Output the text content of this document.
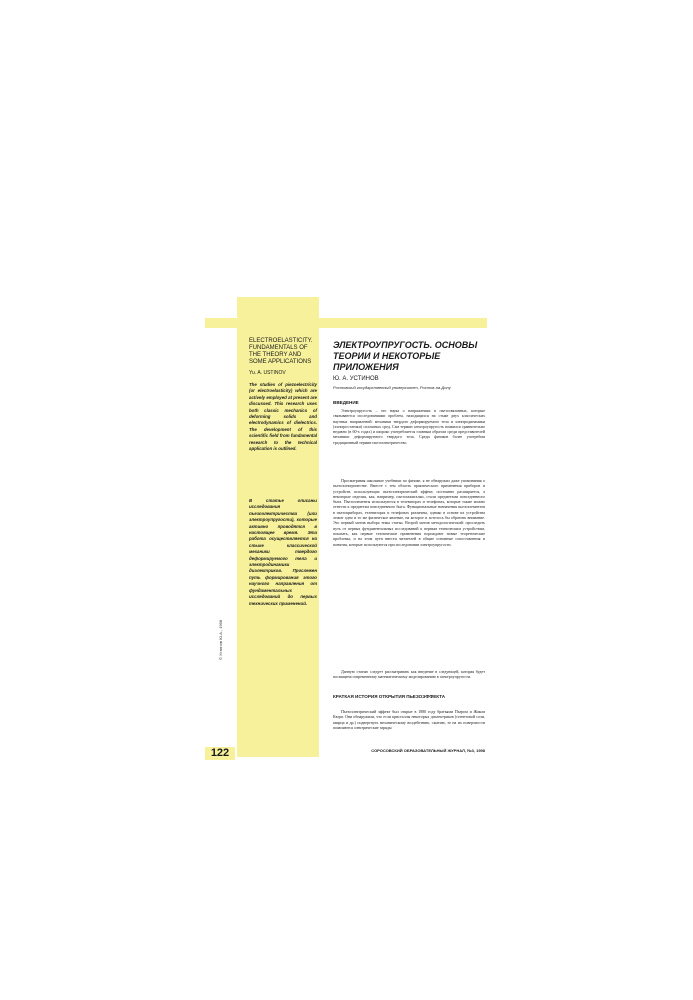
122
© Устинов Ю.А., 1998
ELECTROELASTICITY. FUNDAMENTALS OF THE THEORY AND SOME APPLICATIONS
Yu. A. USTINOV
The studies of piezoelectricity (or electroelasticity) which are actively employed at present are discussed. This research uses both classic mechanics of deforming solids and electrodynamics of dielectrics. The development of this scientific field from fundamental research to the technical application is outlined.
В статье описаны исследования пьезоэлектричества (или электроупругости), которые активно проводятся в настоящее время. Эта работа осуществляется на стыке классической механики твердого деформируемого тела и электродинамики диэлектриков. Прослежен путь формирования этого научного направления от фундаментальных исследований до первых технических применений.
ЭЛЕКТРОУПРУГОСТЬ. ОСНОВЫ ТЕОРИИ И НЕКОТОРЫЕ ПРИЛОЖЕНИЯ
Ю. А. УСТИНОВ
Ростовский государственный университет, Ростов-на-Дону
ВВЕДЕНИЕ
Электроупругость – это наука о напряжениях в пьезосвязанных, которые связываются исследованиями проблем, находящихся на стыке двух классических научных направлений: механики твердого деформируемого тела и электродинамики (электростатики) сплошных сред. Сам термин электроупругость появился сравнительно недавно (в 60-х годах) и широко употребляется главным образом среди представителей механики деформируемого твердого тела. Среди физиков более употребим традиционный термин пьезоэлектричество.
Просматривая школьные учебники по физике, я не обнаружил даже упоминания о пьезоэлектричестве. Вместе с тем область практического применения приборов и устройств, использующих пьезоэлектрический эффект, постоянно расширяется, а некоторые изделия, как, например, пьезозажигалки, стали предметами повседневного быта. Пьезоэлементы используются в телевизорах и телефонах, которые также можно отнести к предметам повседневного быта. Функциональные назначения пьезоэлементов в пьезоприборах, телевизорах и телефонах различны, однако в основе их устройства лежит одно и то же физическое явление, на которое и хотелось бы обратить внимание. Это первый мотив выбора темы статьи. Второй мотив методологический: проследить путь от первых фундаментальных исследований к первым техническим устройствам, показать, как первые технические применения порождают новые теоретические проблемы, и на этом пути внести читателей в общие основные сопоставления и понятия, которые используются при исследовании электроупругости.
Данную статью следует рассматривать как введение в следующей, которая будет посвящена современному математическому моделированию в электроупругости.
КРАТКАЯ ИСТОРИЯ ОТКРЫТИЯ ПЬЕЗОЭФФЕКТА
Пьезоэлектрический эффект был открыт в 1880 году братьями Пьером и Жаком Кюри. Они обнаружили, что если кристаллы некоторых диэлектриков (сегнетовой соли, кварца и др.) подвергнуть механическому воздействию, сжатию, то на их поверхности появляются электрические заряды
СОРОСОВСКИЙ ОБРАЗОВАТЕЛЬНЫЙ ЖУРНАЛ, №3, 1998
